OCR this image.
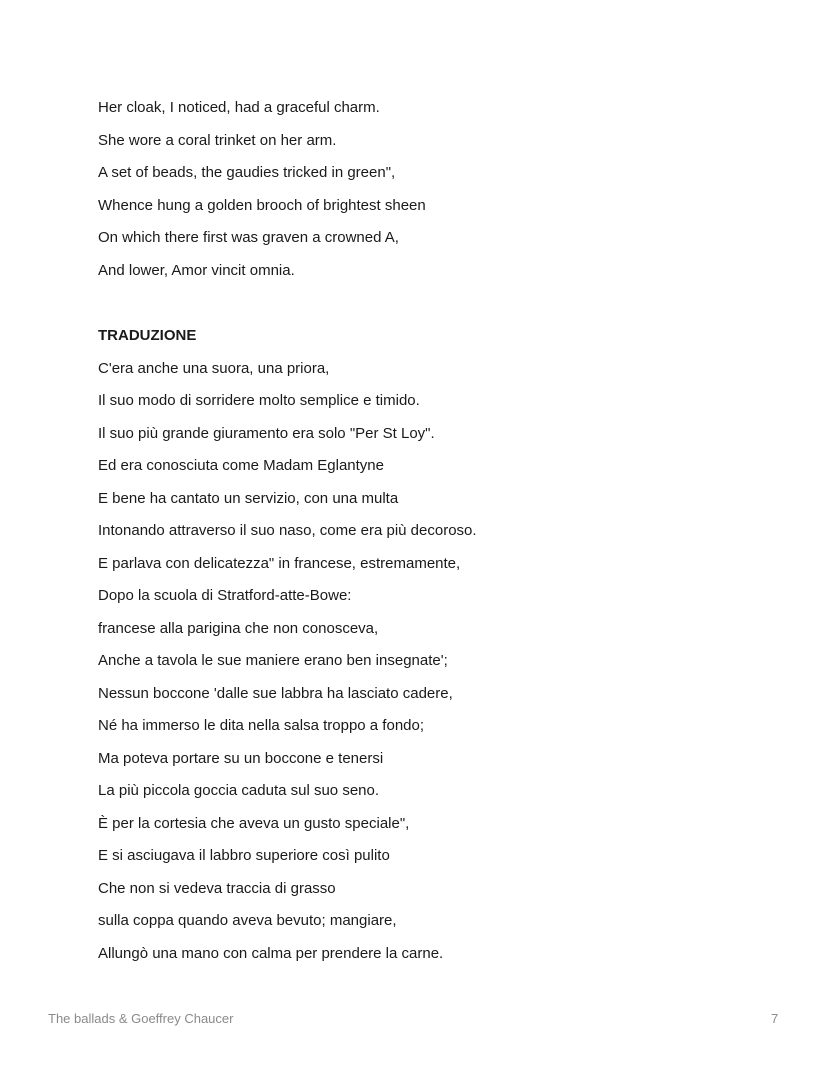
Her cloak, I noticed, had a graceful charm.
She wore a coral trinket on her arm.
A set of beads, the gaudies tricked in green",
Whence hung a golden brooch of brightest sheen
On which there first was graven a crowned A,
And lower, Amor vincit omnia.
TRADUZIONE
C'era anche una suora, una priora,
Il suo modo di sorridere molto semplice e timido.
Il suo più grande giuramento era solo "Per St Loy".
Ed era conosciuta come Madam Eglantyne
E bene ha cantato un servizio, con una multa
Intonando attraverso il suo naso, come era più decoroso.
E parlava con delicatezza" in francese, estremamente,
Dopo la scuola di Stratford-atte-Bowe:
francese alla parigina che non conosceva,
Anche a tavola le sue maniere erano ben insegnate';
Nessun boccone 'dalle sue labbra ha lasciato cadere,
Né ha immerso le dita nella salsa troppo a fondo;
Ma poteva portare su un boccone e tenersi
La più piccola goccia caduta sul suo seno.
È per la cortesia che aveva un gusto speciale",
E si asciugava il labbro superiore così pulito
Che non si vedeva traccia di grasso
sulla coppa quando aveva bevuto; mangiare,
Allungò una mano con calma per prendere la carne.
The ballads & Goeffrey Chaucer	7
